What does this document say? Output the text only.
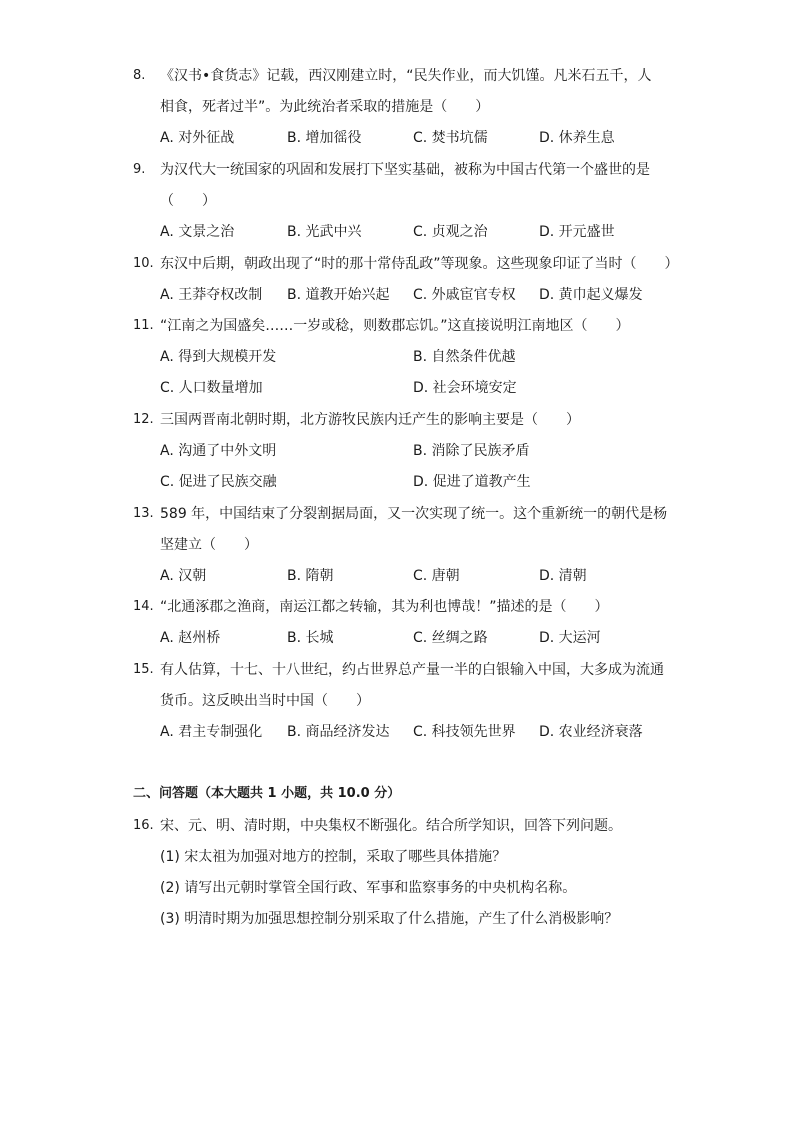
8. 《汉书•食货志》记载，西汉刚建立时，“民失作业，而大饥馑。凡米石五千，人
相食，死者过半”。为此统治者采取的措施是（　　）
A. 对外征战	B. 增加徭役	C. 焚书坑儒	D. 休养生息
9. 为汉代大一统国家的巩固和发展打下坚实基础，被称为中国古代第一个盛世的是
（　　）
A. 文景之治	B. 光武中兴	C. 贞观之治	D. 开元盛世
10. 东汉中后期，朝政出现了“时的那十常侍乱政”等现象。这些现象印证了当时（　　）
A. 王莽夺权改制 B. 道教开始兴起 C. 外戚宦官专权 D. 黄巾起义爆发
11. “江南之为国盛矣……一岁或稔，则数郡忘饥。”这直接说明江南地区（　　）
A. 得到大规模开发	B. 自然条件优越
C. 人口数量增加	D. 社会环境安定
12. 三国两晋南北朝时期，北方游牧民族内迁产生的影响主要是（　　）
A. 沟通了中外文明	B. 消除了民族矛盾
C. 促进了民族交融	D. 促进了道教产生
13. 589 年，中国结束了分裂割据局面，又一次实现了统一。这个重新统一的朝代是杨
坚建立（　　）
A. 汉朝	B. 隋朝	C. 唐朝	D. 清朝
14. “北通涿郡之渔商，南运江都之转输，其为利也博哉！”描述的是（　　）
A. 赵州桥	B. 长城	C. 丝绸之路	D. 大运河
15. 有人估算，十七、十八世纪，约占世界总产量一半的白银输入中国，大多成为流通
货币。这反映出当时中国（　　）
A. 君主专制强化 B. 商品经济发达 C. 科技领先世界 D. 农业经济衰落
二、问答题（本大题共 1 小题，共 10.0 分）
16. 宋、元、明、清时期，中央集权不断强化。结合所学知识，回答下列问题。
(1) 宋太祖为加强对地方的控制，采取了哪些具体措施？
(2) 请写出元朝时掌管全国行政、军事和监察事务的中央机构名称。
(3) 明清时期为加强思想控制分别采取了什么措施，产生了什么消极影响？
